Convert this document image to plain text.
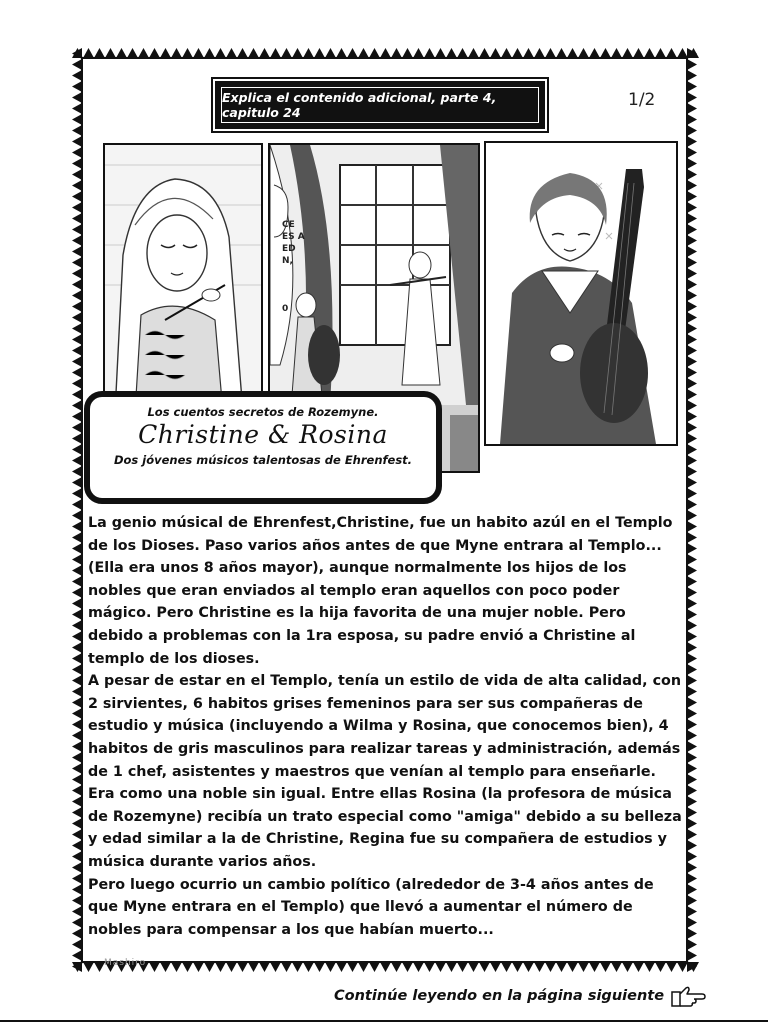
Explica el contenido adicional, parte 4, capitulo 24
1/2
CE
ES A
ED
N,
0
Los cuentos secretos de Rozemyne.
Christine & Rosina
Dos jóvenes músicos talentosas de Ehrenfest.

La genio músical de Ehrenfest,Christine, fue un habito azúl en el Templo de los Dioses. Paso varios años antes de que Myne entrara al Templo...(Ella era unos 8 años mayor), aunque normalmente los hijos de los nobles que eran enviados al templo eran aquellos con poco poder mágico. Pero Christine es la hija favorita de una mujer noble. Pero debido a problemas con la 1ra esposa, su padre envió a Christine al templo de los dioses.

A pesar de estar en el Templo, tenía un estilo de vida de alta calidad, con 2 sirvientes, 6 habitos grises femeninos para ser sus compañeras de estudio y música (incluyendo a Wilma y Rosina, que conocemos bien), 4 habitos de gris masculinos para realizar tareas y administración, además de 1 chef, asistentes y maestros que venían al templo para enseñarle. Era como una noble sin igual. Entre ellas Rosina (la profesora de música de Rozemyne) recibía un trato especial como "amiga" debido a su belleza y edad similar a la de Christine, Regina fue su compañera de estudios y música durante varios años.

Pero luego ocurrio un cambio político (alrededor de 3-4 años antes de que Myne entrara en el Templo) que llevó a aumentar el número de nobles para compensar a los que habían muerto...

Mashiro
Continúe leyendo en la página siguiente
